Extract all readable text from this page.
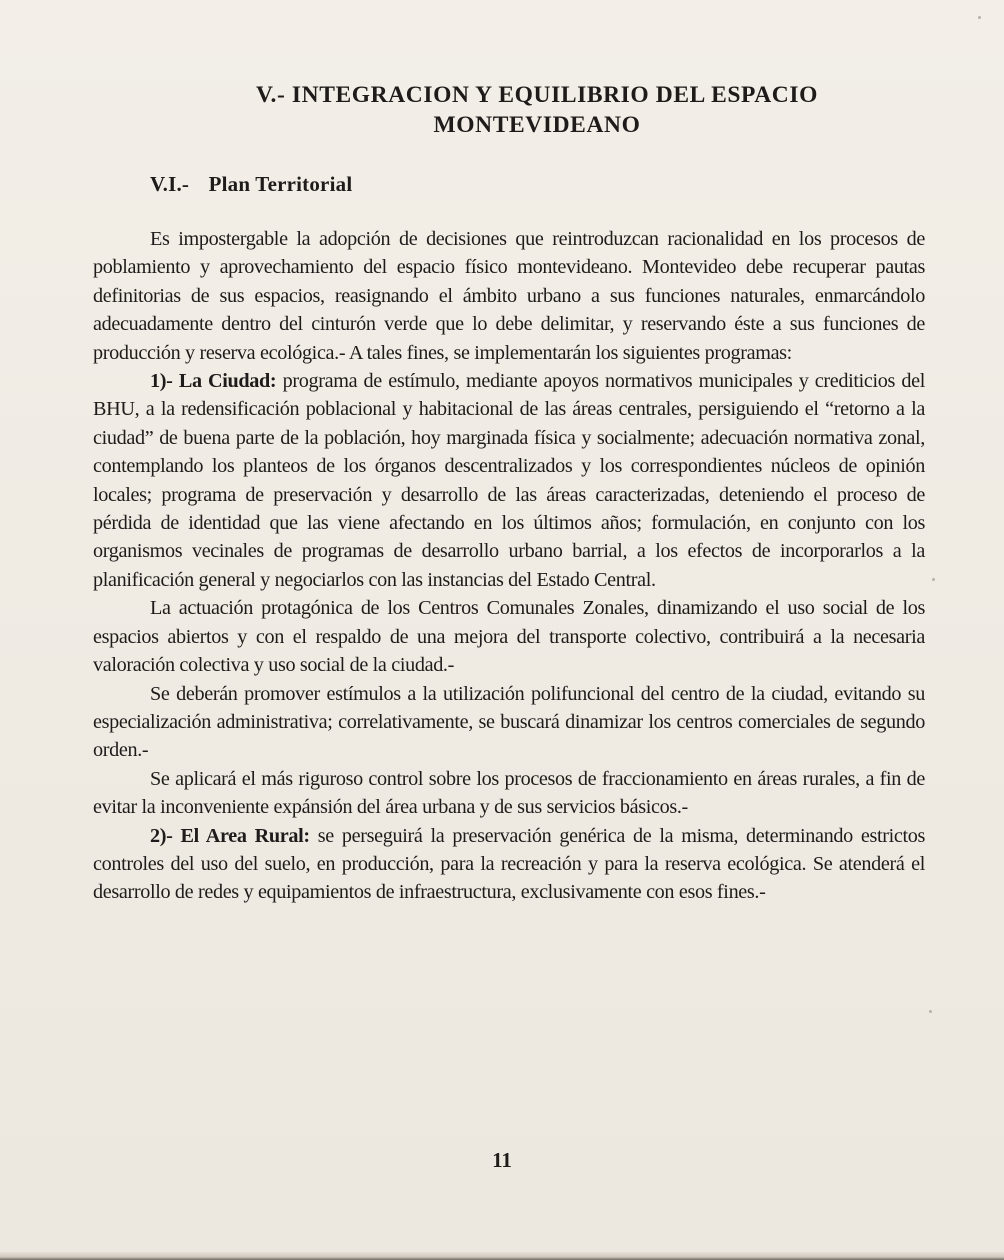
V.- INTEGRACION Y EQUILIBRIO DEL ESPACIO
MONTEVIDEANO
V.I.- Plan Territorial

Es impostergable la adopción de decisiones que reintroduzcan racionalidad en los procesos de poblamiento y aprovechamiento del espacio físico montevideano. Montevideo debe recuperar pautas definitorias de sus espacios, reasignando el ámbito urbano a sus funciones naturales, enmarcándolo adecuadamente dentro del cinturón verde que lo debe delimitar, y reservando éste a sus funciones de producción y reserva ecológica.- A tales fines, se implementarán los siguientes programas:

1)- La Ciudad: programa de estímulo, mediante apoyos normativos municipales y crediticios del BHU, a la redensificación poblacional y habitacional de las áreas centrales, persiguiendo el “retorno a la ciudad” de buena parte de la población, hoy marginada física y socialmente; adecuación normativa zonal, contemplando los planteos de los órganos descentralizados y los correspondientes núcleos de opinión locales; programa de preservación y desarrollo de las áreas caracterizadas, deteniendo el proceso de pérdida de identidad que las viene afectando en los últimos años; formulación, en conjunto con los organismos vecinales de programas de desarrollo urbano barrial, a los efectos de incorporarlos a la planificación general y negociarlos con las instancias del Estado Central.

La actuación protagónica de los Centros Comunales Zonales, dinamizando el uso social de los espacios abiertos y con el respaldo de una mejora del transporte colectivo, contribuirá a la necesaria valoración colectiva y uso social de la ciudad.-

Se deberán promover estímulos a la utilización polifuncional del centro de la ciudad, evitando su especialización administrativa; correlativamente, se buscará dinamizar los centros comerciales de segundo orden.-

Se aplicará el más riguroso control sobre los procesos de fraccionamiento en áreas rurales, a fin de evitar la inconveniente expánsión del área urbana y de sus servicios básicos.-

2)- El Area Rural: se perseguirá la preservación genérica de la misma, determinando estrictos controles del uso del suelo, en producción, para la recreación y para la reserva ecológica. Se atenderá el desarrollo de redes y equipamientos de infraestructura, exclusivamente con esos fines.-

11
